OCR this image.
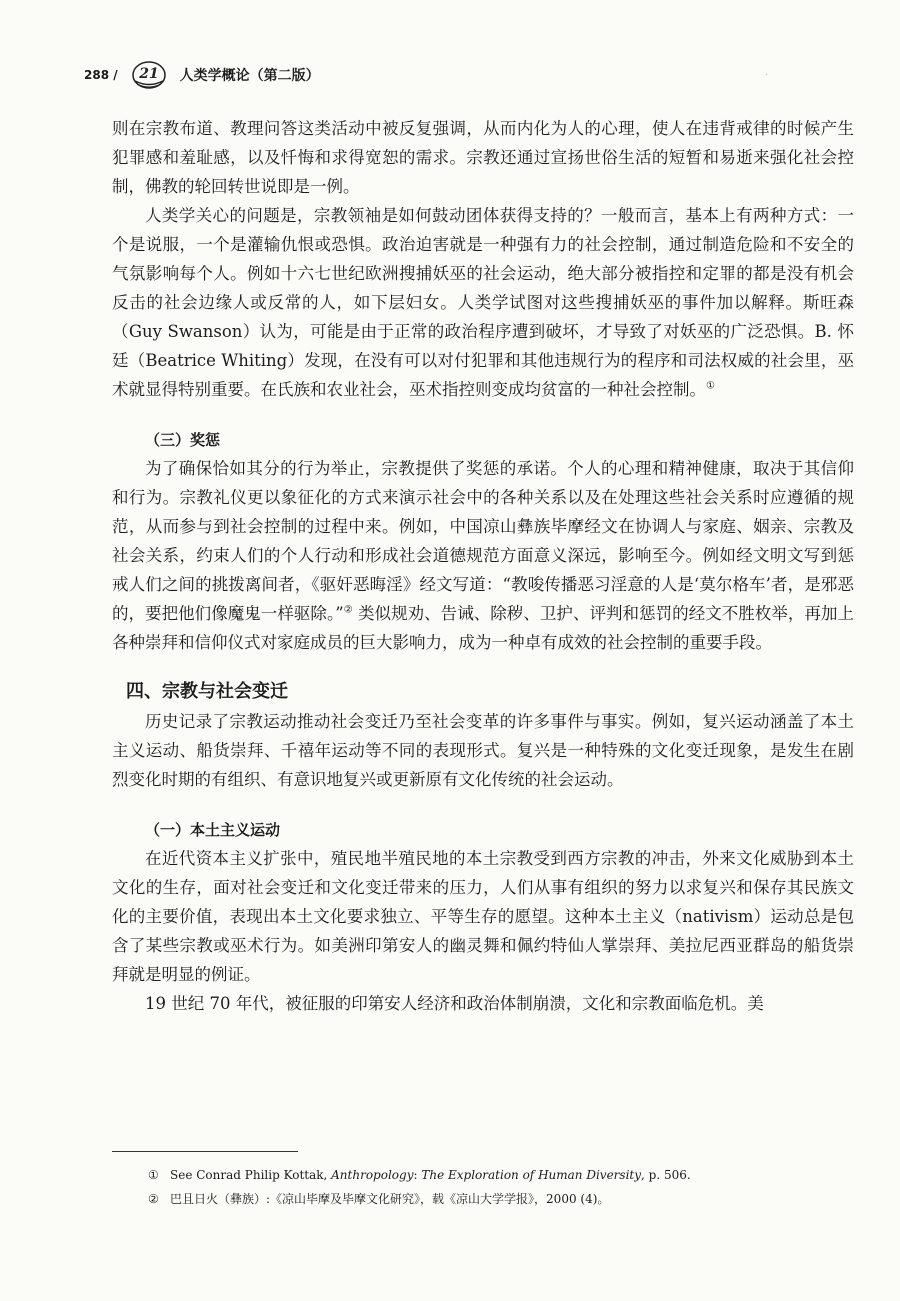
288 / 21 人类学概论（第二版）	·

则在宗教布道、教理问答这类活动中被反复强调，从而内化为人的心理，使人在违背戒律的时候产生犯罪感和羞耻感，以及忏悔和求得宽恕的需求。宗教还通过宣扬世俗生活的短暂和易逝来强化社会控制，佛教的轮回转世说即是一例。

人类学关心的问题是，宗教领袖是如何鼓动团体获得支持的？一般而言，基本上有两种方式：一个是说服，一个是灌输仇恨或恐惧。政治迫害就是一种强有力的社会控制，通过制造危险和不安全的气氛影响每个人。例如十六七世纪欧洲搜捕妖巫的社会运动，绝大部分被指控和定罪的都是没有机会反击的社会边缘人或反常的人，如下层妇女。人类学试图对这些搜捕妖巫的事件加以解释。斯旺森（Guy Swanson）认为，可能是由于正常的政治程序遭到破坏，才导致了对妖巫的广泛恐惧。B. 怀廷（Beatrice Whiting）发现，在没有可以对付犯罪和其他违规行为的程序和司法权威的社会里，巫术就显得特别重要。在氏族和农业社会，巫术指控则变成均贫富的一种社会控制。①

（三）奖惩

为了确保恰如其分的行为举止，宗教提供了奖惩的承诺。个人的心理和精神健康，取决于其信仰和行为。宗教礼仪更以象征化的方式来演示社会中的各种关系以及在处理这些社会关系时应遵循的规范，从而参与到社会控制的过程中来。例如，中国凉山彝族毕摩经文在协调人与家庭、姻亲、宗教及社会关系，约束人们的个人行动和形成社会道德规范方面意义深远，影响至今。例如经文明文写到惩戒人们之间的挑拨离间者，《驱奸恶晦淫》经文写道：“教唆传播恶习淫意的人是‘莫尔格车’者，是邪恶的，要把他们像魔鬼一样驱除。”② 类似规劝、告诫、除秽、卫护、评判和惩罚的经文不胜枚举，再加上各种崇拜和信仰仪式对家庭成员的巨大影响力，成为一种卓有成效的社会控制的重要手段。

四、宗教与社会变迁

历史记录了宗教运动推动社会变迁乃至社会变革的许多事件与事实。例如，复兴运动涵盖了本土主义运动、船货崇拜、千禧年运动等不同的表现形式。复兴是一种特殊的文化变迁现象，是发生在剧烈变化时期的有组织、有意识地复兴或更新原有文化传统的社会运动。

（一）本土主义运动

在近代资本主义扩张中，殖民地半殖民地的本土宗教受到西方宗教的冲击，外来文化威胁到本土文化的生存，面对社会变迁和文化变迁带来的压力，人们从事有组织的努力以求复兴和保存其民族文化的主要价值，表现出本土文化要求独立、平等生存的愿望。这种本土主义（nativism）运动总是包含了某些宗教或巫术行为。如美洲印第安人的幽灵舞和佩约特仙人掌崇拜、美拉尼西亚群岛的船货崇拜就是明显的例证。

19 世纪 70 年代，被征服的印第安人经济和政治体制崩溃，文化和宗教面临危机。美

① See Conrad Philip Kottak, Anthropology: The Exploration of Human Diversity, p. 506.

② 巴且日火（彝族）:《凉山毕摩及毕摩文化研究》，载《凉山大学学报》，2000 (4)。
